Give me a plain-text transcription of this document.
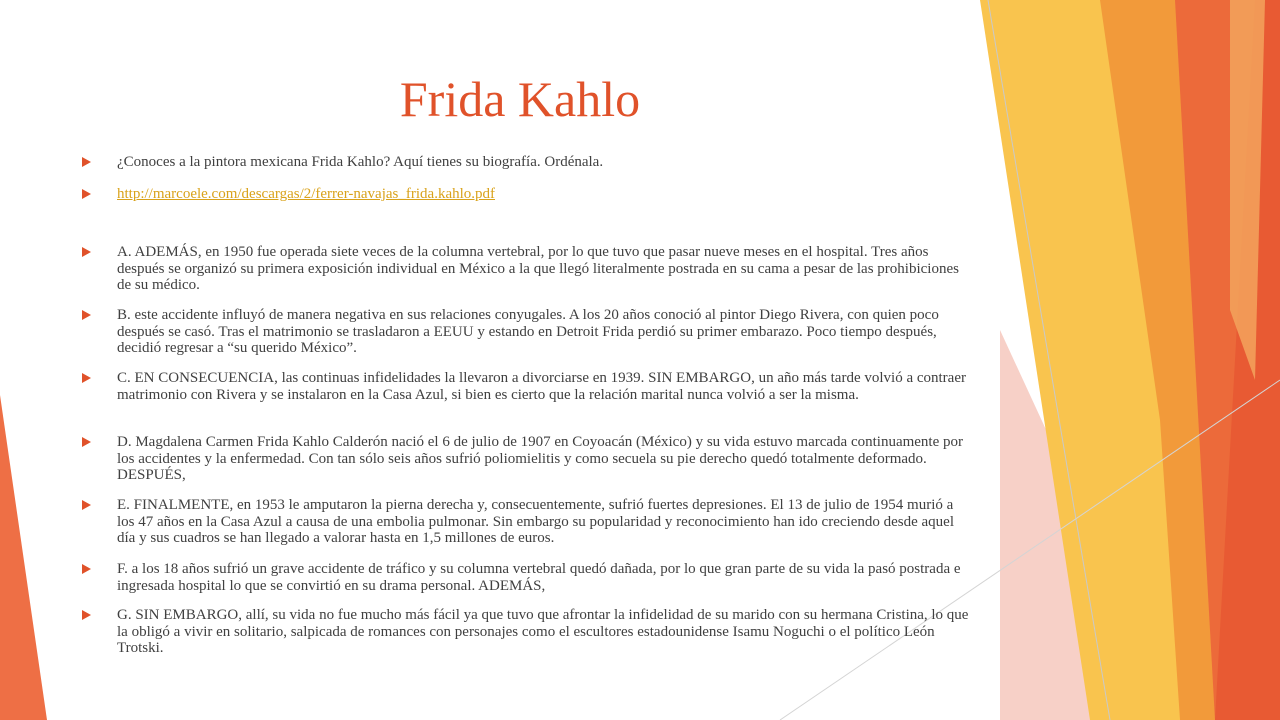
Frida Kahlo
¿Conoces a la pintora mexicana Frida Kahlo? Aquí tienes su biografía. Ordénala.
http://marcoele.com/descargas/2/ferrer-navajas_frida.kahlo.pdf
A. ADEMÁS, en 1950 fue operada siete veces de la columna vertebral, por lo que tuvo que pasar nueve meses en el hospital. Tres años después se organizó su primera exposición individual en México a la que llegó literalmente postrada en su cama a pesar de las prohibiciones de su médico.
B. este accidente influyó de manera negativa en sus relaciones conyugales. A los 20 años conoció al pintor Diego Rivera, con quien poco después se casó. Tras el matrimonio se trasladaron a EEUU y estando en Detroit Frida perdió su primer embarazo. Poco tiempo después, decidió regresar a “su querido México”.
C. EN CONSECUENCIA, las continuas infidelidades la llevaron a divorciarse en 1939. SIN EMBARGO, un año más tarde volvió a contraer matrimonio con Rivera y se instalaron en la Casa Azul, si bien es cierto que la relación marital nunca volvió a ser la misma.
D. Magdalena Carmen Frida Kahlo Calderón nació el 6 de julio de 1907 en Coyoacán (México) y su vida estuvo marcada continuamente por los accidentes y la enfermedad. Con tan sólo seis años sufrió poliomielitis y como secuela su pie derecho quedó totalmente deformado. DESPUÉS,
E. FINALMENTE, en 1953 le amputaron la pierna derecha y, consecuentemente, sufrió fuertes depresiones. El 13 de julio de 1954 murió a los 47 años en la Casa Azul a causa de una embolia pulmonar. Sin embargo su popularidad y reconocimiento han ido creciendo desde aquel día y sus cuadros se han llegado a valorar hasta en 1,5 millones de euros.
F. a los 18 años sufrió un grave accidente de tráfico y su columna vertebral quedó dañada, por lo que gran parte de su vida la pasó postrada e ingresada hospital lo que se convirtió en su drama personal. ADEMÁS,
G. SIN EMBARGO, allí, su vida no fue mucho más fácil ya que tuvo que afrontar la infidelidad de su marido con su hermana Cristina, lo que la obligó a vivir en solitario, salpicada de romances con personajes como el escultores estadounidense Isamu Noguchi o el político León Trotski.
